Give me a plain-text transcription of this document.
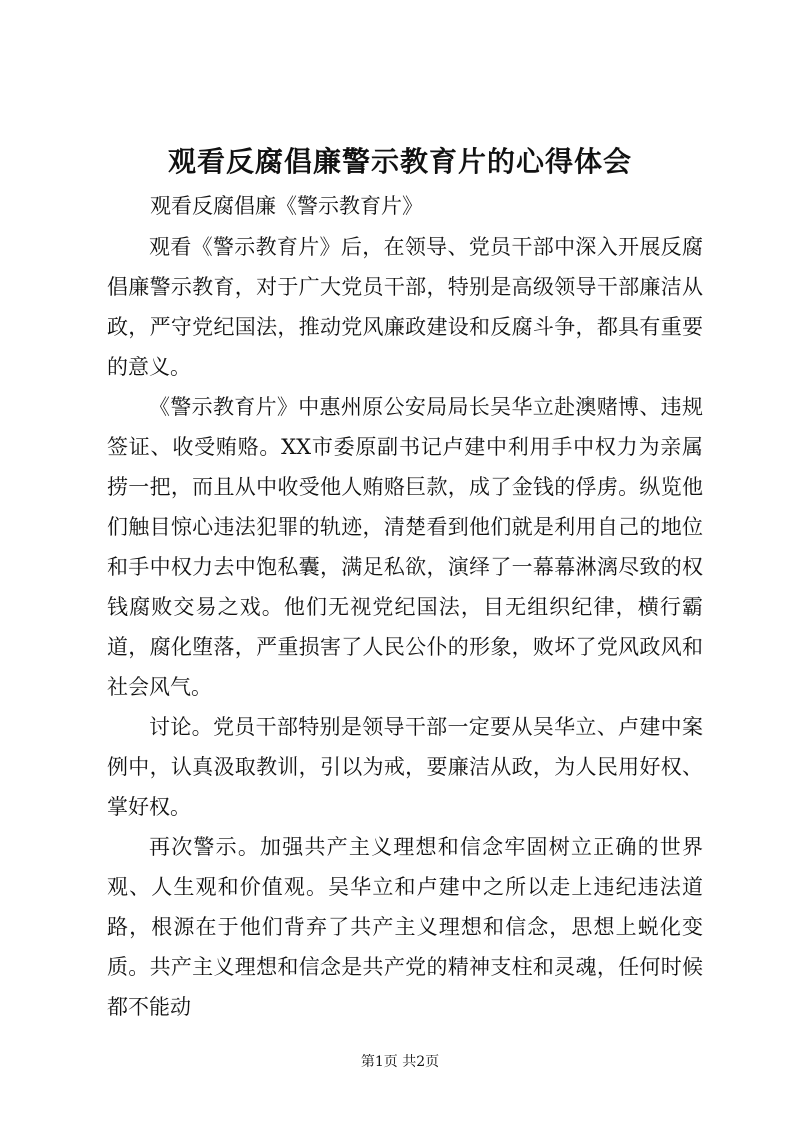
观看反腐倡廉警示教育片的心得体会

观看反腐倡廉《警示教育片》

观看《警示教育片》后，在领导、党员干部中深入开展反腐倡廉警示教育，对于广大党员干部，特别是高级领导干部廉洁从政，严守党纪国法，推动党风廉政建设和反腐斗争，都具有重要的意义。

《警示教育片》中惠州原公安局局长吴华立赴澳赌博、违规签证、收受贿赂。XX市委原副书记卢建中利用手中权力为亲属捞一把，而且从中收受他人贿赂巨款，成了金钱的俘虏。纵览他们触目惊心违法犯罪的轨迹，清楚看到他们就是利用自己的地位和手中权力去中饱私囊，满足私欲，演绎了一幕幕淋漓尽致的权钱腐败交易之戏。他们无视党纪国法，目无组织纪律，横行霸道，腐化堕落，严重损害了人民公仆的形象，败坏了党风政风和社会风气。

讨论。党员干部特别是领导干部一定要从吴华立、卢建中案例中，认真汲取教训，引以为戒，要廉洁从政，为人民用好权、掌好权。

再次警示。加强共产主义理想和信念牢固树立正确的世界观、人生观和价值观。吴华立和卢建中之所以走上违纪违法道路，根源在于他们背弃了共产主义理想和信念，思想上蜕化变质。共产主义理想和信念是共产党的精神支柱和灵魂，任何时候都不能动

第1页 共2页
